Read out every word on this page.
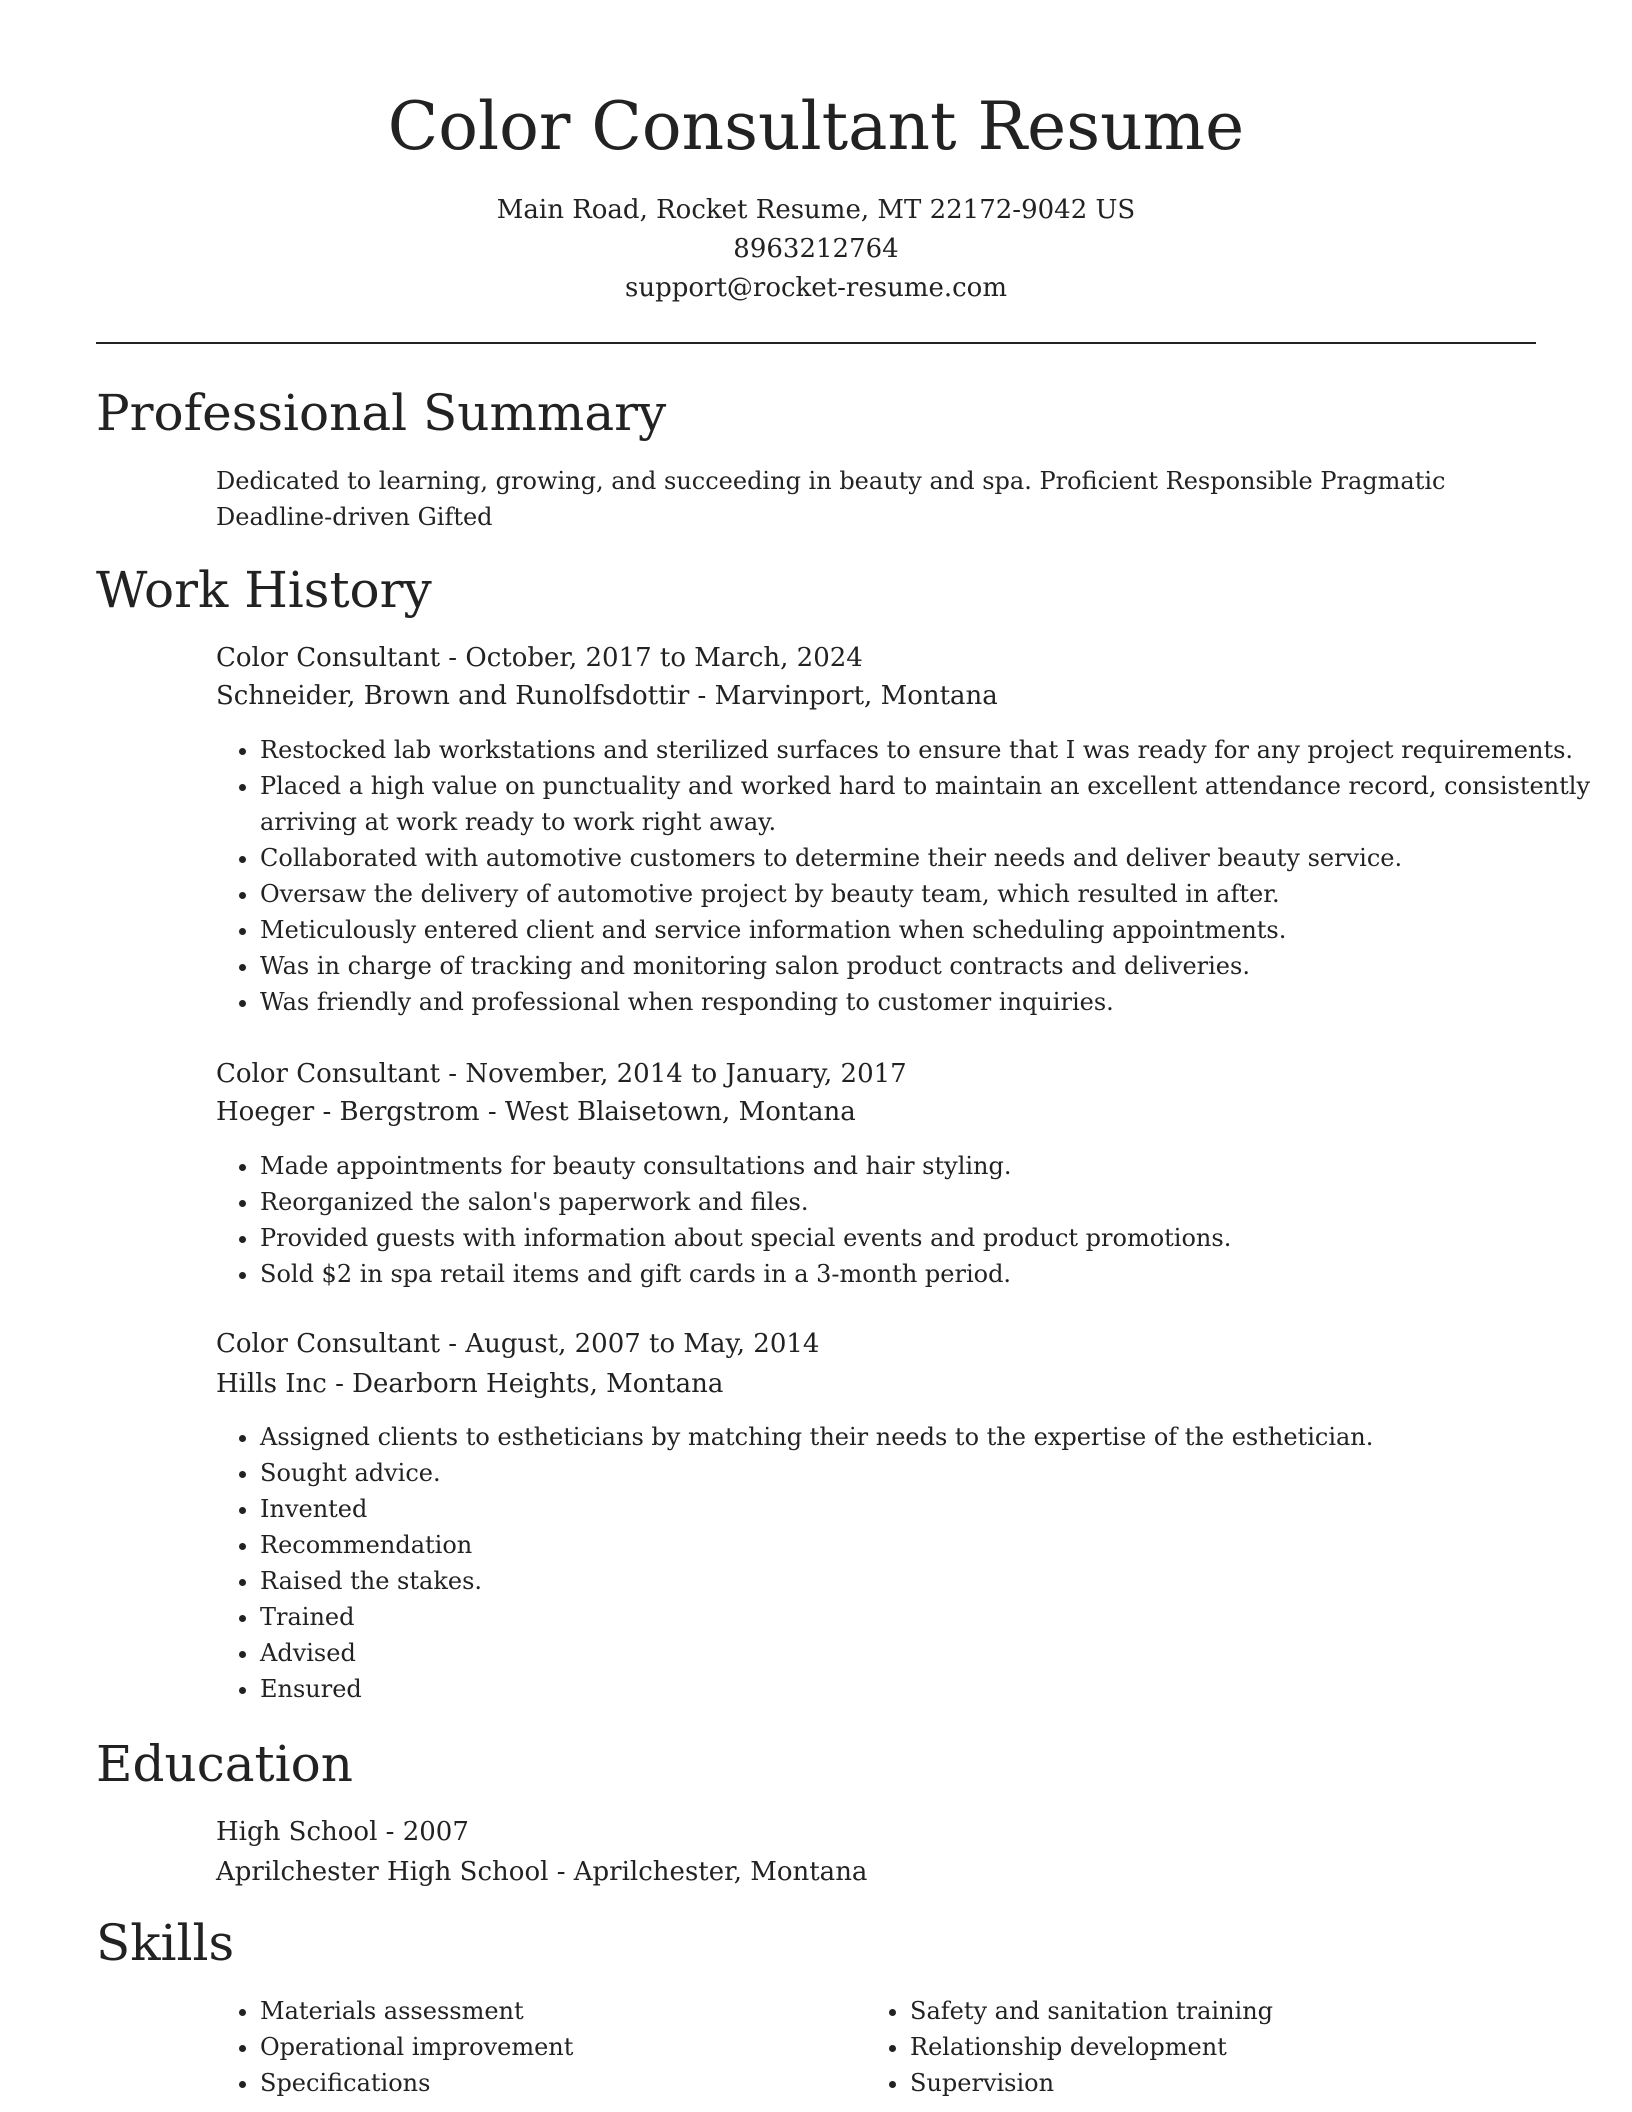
Color Consultant Resume
Main Road, Rocket Resume, MT 22172-9042 US
8963212764
support@rocket-resume.com
Professional Summary
Dedicated to learning, growing, and succeeding in beauty and spa. Proficient Responsible Pragmatic Deadline-driven Gifted
Work History
Color Consultant - October, 2017 to March, 2024
Schneider, Brown and Runolfsdottir - Marvinport, Montana
• Restocked lab workstations and sterilized surfaces to ensure that I was ready for any project requirements.
• Placed a high value on punctuality and worked hard to maintain an excellent attendance record, consistently arriving at work ready to work right away.
• Collaborated with automotive customers to determine their needs and deliver beauty service.
• Oversaw the delivery of automotive project by beauty team, which resulted in after.
• Meticulously entered client and service information when scheduling appointments.
• Was in charge of tracking and monitoring salon product contracts and deliveries.
• Was friendly and professional when responding to customer inquiries.
Color Consultant - November, 2014 to January, 2017
Hoeger - Bergstrom - West Blaisetown, Montana
• Made appointments for beauty consultations and hair styling.
• Reorganized the salon's paperwork and files.
• Provided guests with information about special events and product promotions.
• Sold $2 in spa retail items and gift cards in a 3-month period.
Color Consultant - August, 2007 to May, 2014
Hills Inc - Dearborn Heights, Montana
• Assigned clients to estheticians by matching their needs to the expertise of the esthetician.
• Sought advice.
• Invented
• Recommendation
• Raised the stakes.
• Trained
• Advised
• Ensured
Education
High School - 2007
Aprilchester High School - Aprilchester, Montana
Skills
• Materials assessment
• Operational improvement
• Specifications
• Safety and sanitation training
• Relationship development
• Supervision
